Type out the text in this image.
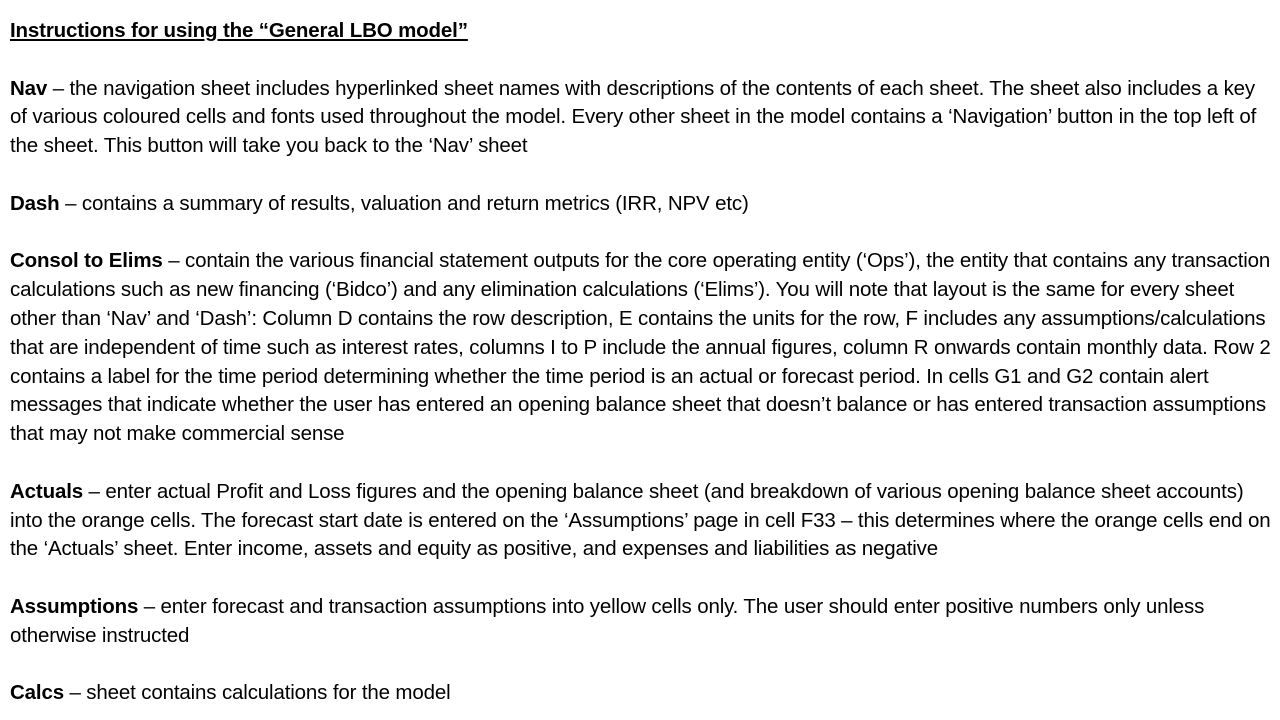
Instructions for using the “General LBO model”

Nav – the navigation sheet includes hyperlinked sheet names with descriptions of the contents of each sheet. The sheet also includes a key of various coloured cells and fonts used throughout the model. Every other sheet in the model contains a ‘Navigation’ button in the top left of the sheet. This button will take you back to the ‘Nav’ sheet

Dash – contains a summary of results, valuation and return metrics (IRR, NPV etc)

Consol to Elims – contain the various financial statement outputs for the core operating entity (‘Ops’), the entity that contains any transaction calculations such as new financing (‘Bidco’) and any elimination calculations (‘Elims’). You will note that layout is the same for every sheet other than ‘Nav’ and ‘Dash’: Column D contains the row description, E contains the units for the row, F includes any assumptions/calculations that are independent of time such as interest rates, columns I to P include the annual figures, column R onwards contain monthly data. Row 2 contains a label for the time period determining whether the time period is an actual or forecast period. In cells G1 and G2 contain alert messages that indicate whether the user has entered an opening balance sheet that doesn’t balance or has entered transaction assumptions that may not make commercial sense

Actuals – enter actual Profit and Loss figures and the opening balance sheet (and breakdown of various opening balance sheet accounts) into the orange cells. The forecast start date is entered on the ‘Assumptions’ page in cell F33 – this determines where the orange cells end on the ‘Actuals’ sheet. Enter income, assets and equity as positive, and expenses and liabilities as negative

Assumptions – enter forecast and transaction assumptions into yellow cells only. The user should enter positive numbers only unless otherwise instructed

Calcs – sheet contains calculations for the model
